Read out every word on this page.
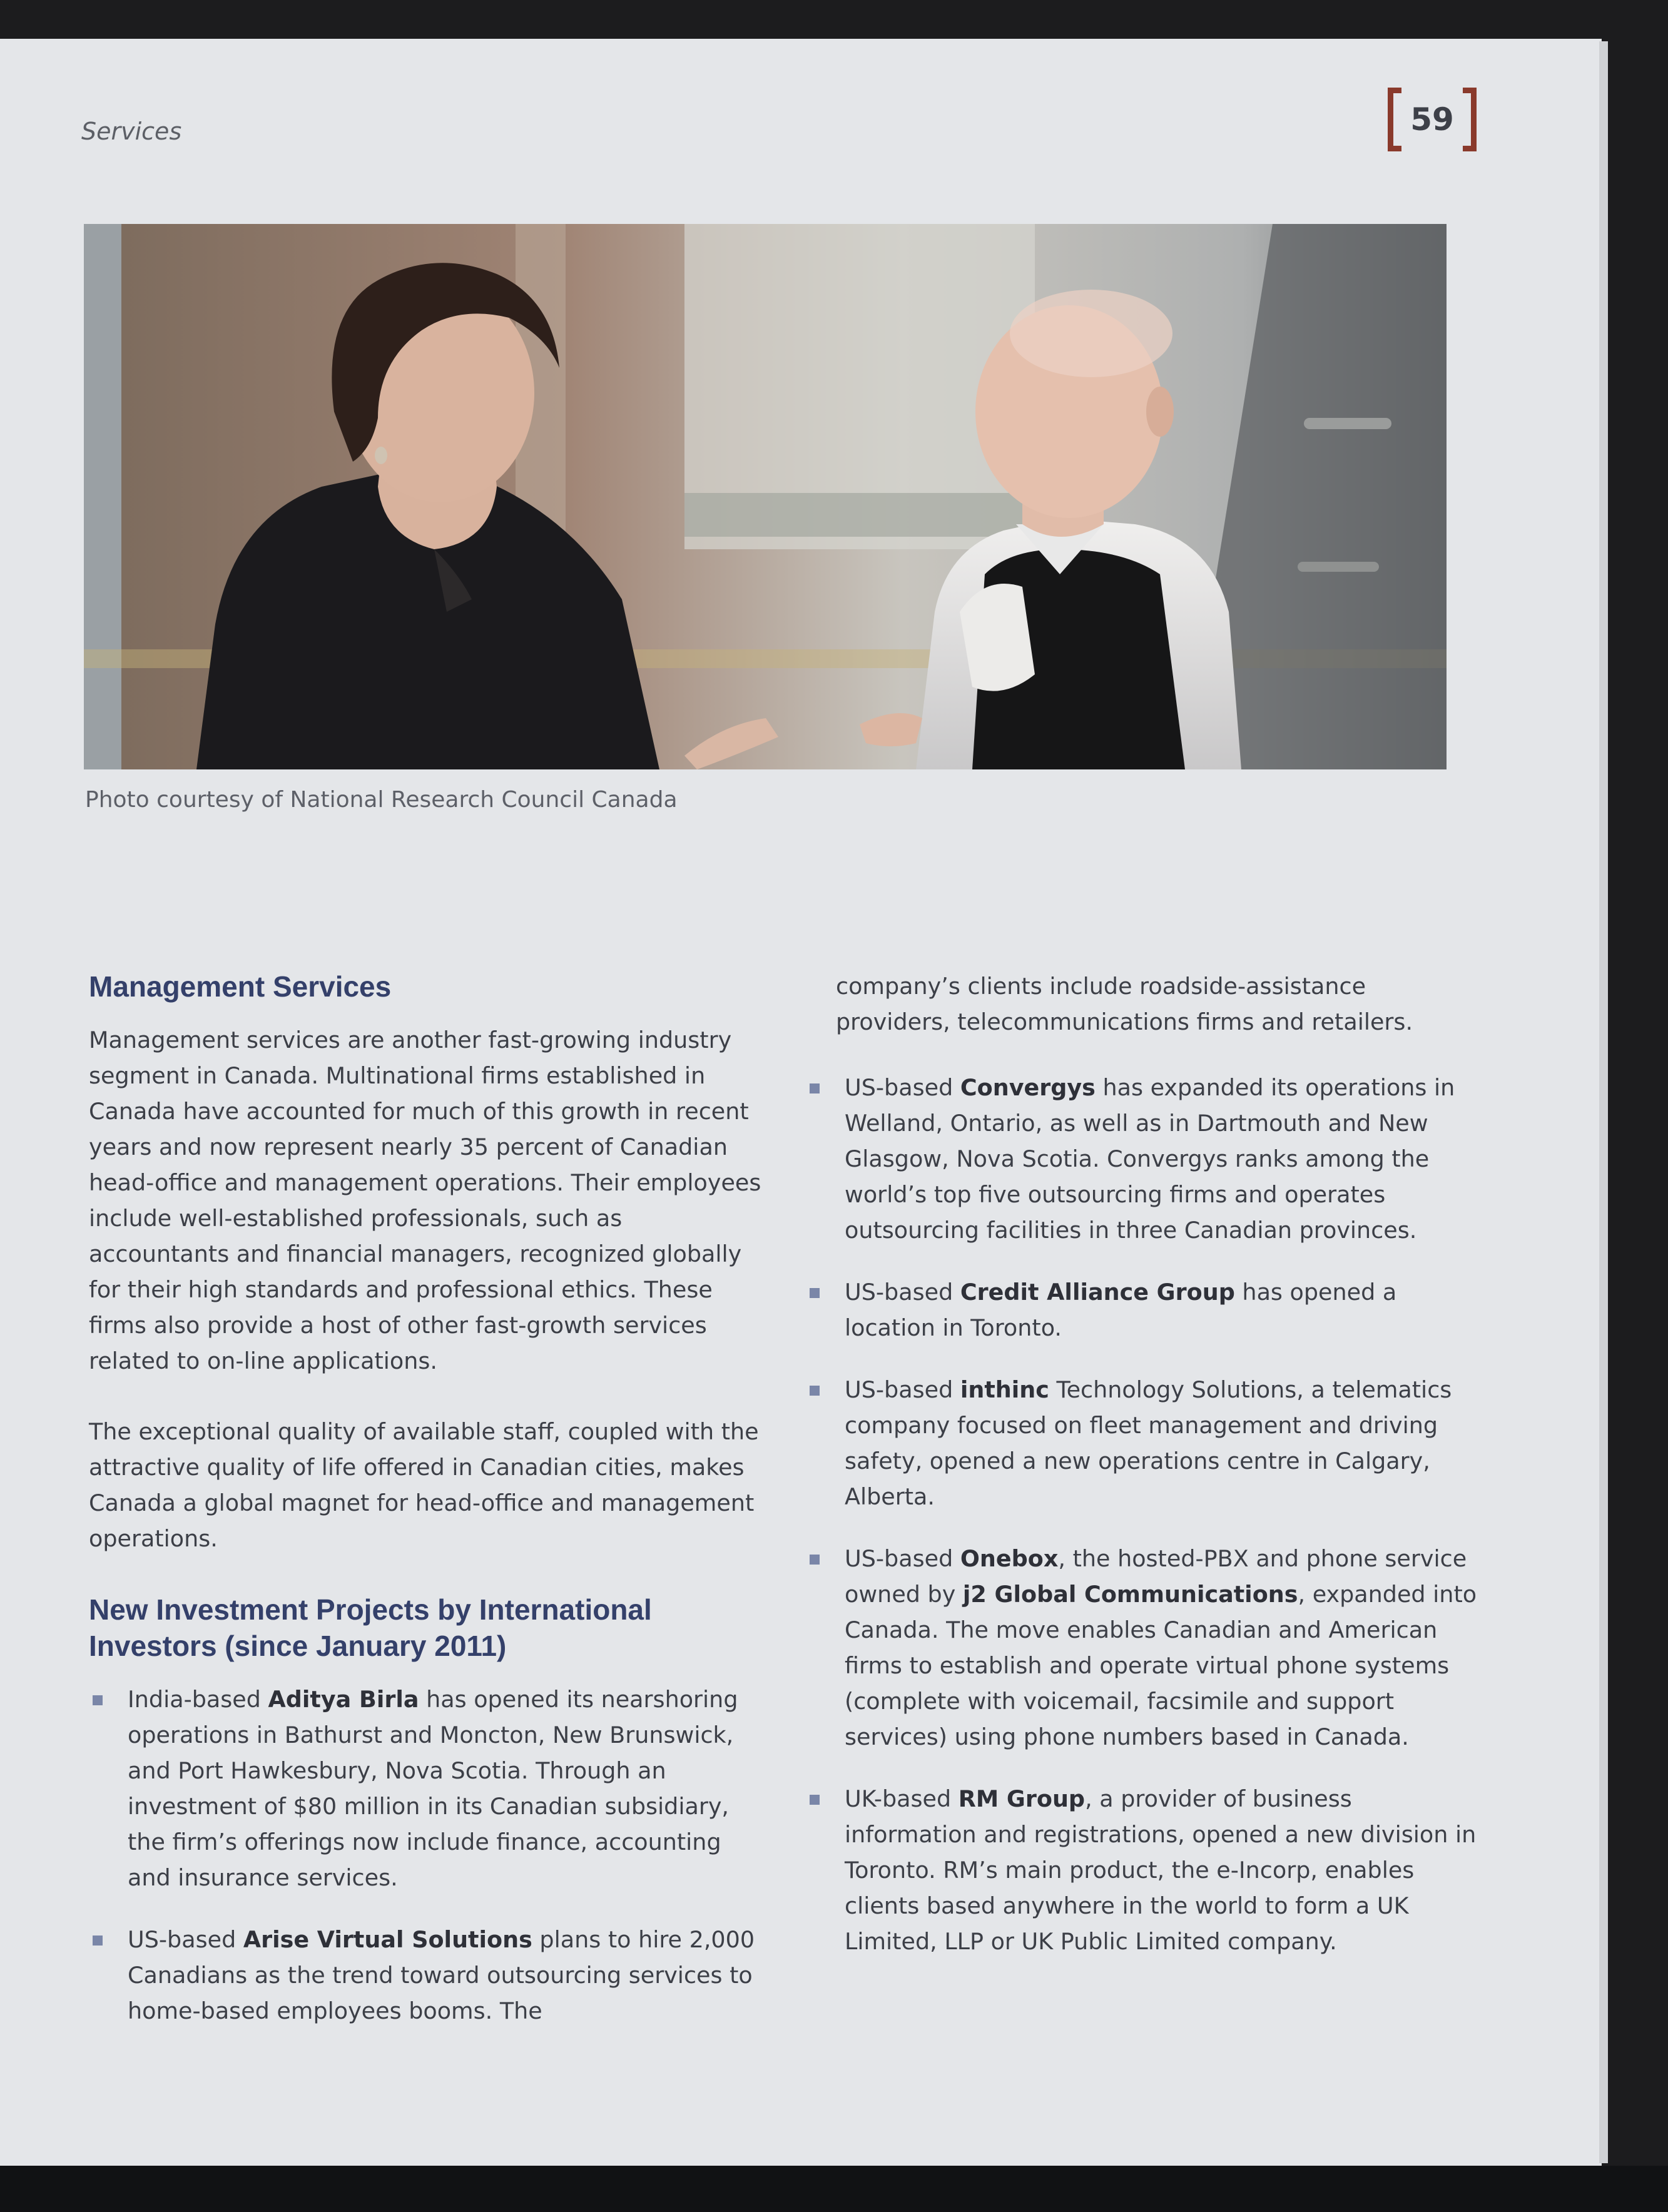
Services	59
Photo courtesy of National Research Council Canada
Management Services

Management services are another fast-growing industry segment in Canada. Multinational firms established in Canada have accounted for much of this growth in recent years and now represent nearly 35 percent of Canadian head-office and management operations. Their employees include well-established professionals, such as accountants and financial managers, recognized globally for their high standards and professional ethics. These firms also provide a host of other fast-growth services related to on-line applications.

The exceptional quality of available staff, coupled with the attractive quality of life offered in Canadian cities, makes Canada a global magnet for head-office and management operations.

New Investment Projects by International Investors (since January 2011)
India-based Aditya Birla has opened its nearshoring operations in Bathurst and Moncton, New Brunswick, and Port Hawkesbury, Nova Scotia. Through an investment of $80 million in its Canadian subsidiary, the firm’s offerings now include finance, accounting and insurance services.
US-based Arise Virtual Solutions plans to hire 2,000 Canadians as the trend toward outsourcing services to home-based employees booms. The

company’s clients include roadside-assistance providers, telecommunications firms and retailers.

US-based Convergys has expanded its operations in Welland, Ontario, as well as in Dartmouth and New Glasgow, Nova Scotia. Convergys ranks among the world’s top five outsourcing firms and operates outsourcing facilities in three Canadian provinces.
US-based Credit Alliance Group has opened a location in Toronto.
US-based inthinc Technology Solutions, a telematics company focused on fleet management and driving safety, opened a new operations centre in Calgary, Alberta.
US-based Onebox, the hosted-PBX and phone service owned by j2 Global Communications, expanded into Canada. The move enables Canadian and American firms to establish and operate virtual phone systems (complete with voicemail, facsimile and support services) using phone numbers based in Canada.
UK-based RM Group, a provider of business information and registrations, opened a new division in Toronto. RM’s main product, the e-Incorp, enables clients based anywhere in the world to form a UK Limited, LLP or UK Public Limited company.
